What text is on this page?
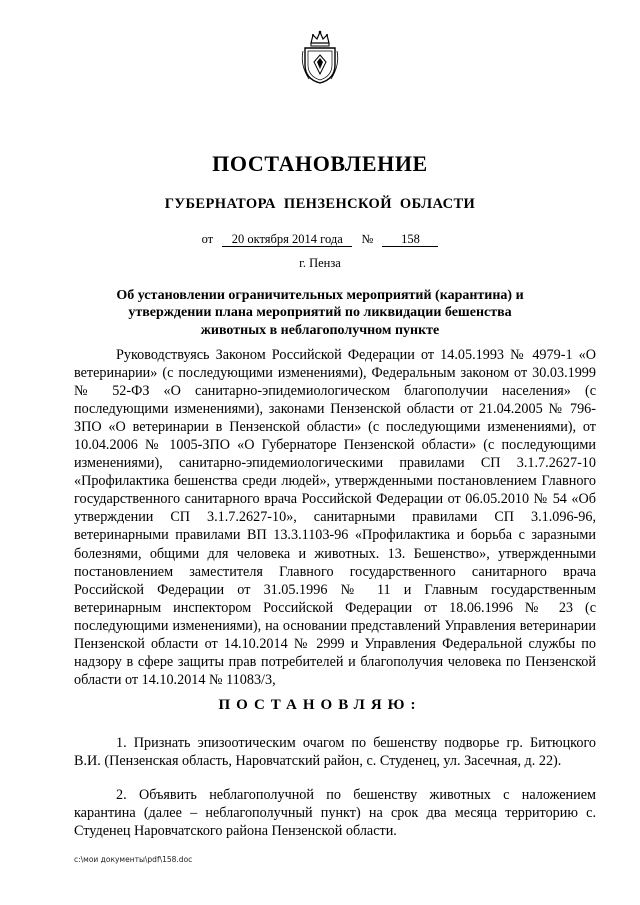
ПОСТАНОВЛЕНИЕ
ГУБЕРНАТОРА ПЕНЗЕНСКОЙ ОБЛАСТИ
от 20 октября 2014 года № 158
г. Пенза
Об установлении ограничительных мероприятий (карантина) и утверждении плана мероприятий по ликвидации бешенства животных в неблагополучном пункте
Руководствуясь Законом Российской Федерации от 14.05.1993 № 4979-1 «О ветеринарии» (с последующими изменениями), Федеральным законом от 30.03.1999 № 52-ФЗ «О санитарно-эпидемиологическом благополучии населения» (с последующими изменениями), законами Пензенской области от 21.04.2005 № 796-ЗПО «О ветеринарии в Пензенской области» (с последующими изменениями), от 10.04.2006 № 1005-ЗПО «О Губернаторе Пензенской области» (с последующими изменениями), санитарно-эпидемиологическими правилами СП 3.1.7.2627-10 «Профилактика бешенства среди людей», утвержденными постановлением Главного государственного санитарного врача Российской Федерации от 06.05.2010 № 54 «Об утверждении СП 3.1.7.2627-10», санитарными правилами СП 3.1.096-96, ветеринарными правилами ВП 13.3.1103-96 «Профилактика и борьба с заразными болезнями, общими для человека и животных. 13. Бешенство», утвержденными постановлением заместителя Главного государственного санитарного врача Российской Федерации от 31.05.1996 № 11 и Главным государственным ветеринарным инспектором Российской Федерации от 18.06.1996 № 23 (с последующими изменениями), на основании представлений Управления ветеринарии Пензенской области от 14.10.2014 № 2999 и Управления Федеральной службы по надзору в сфере защиты прав потребителей и благополучия человека по Пензенской области от 14.10.2014 № 11083/3,
ПОСТАНОВЛЯЮ:
1. Признать эпизоотическим очагом по бешенству подворье гр. Битюцкого В.И. (Пензенская область, Наровчатский район, с. Студенец, ул. Засечная, д. 22).
2. Объявить неблагополучной по бешенству животных с наложением карантина (далее – неблагополучный пункт) на срок два месяца территорию с. Студенец Наровчатского района Пензенской области.
c:\мои документы\pdf\158.doc
